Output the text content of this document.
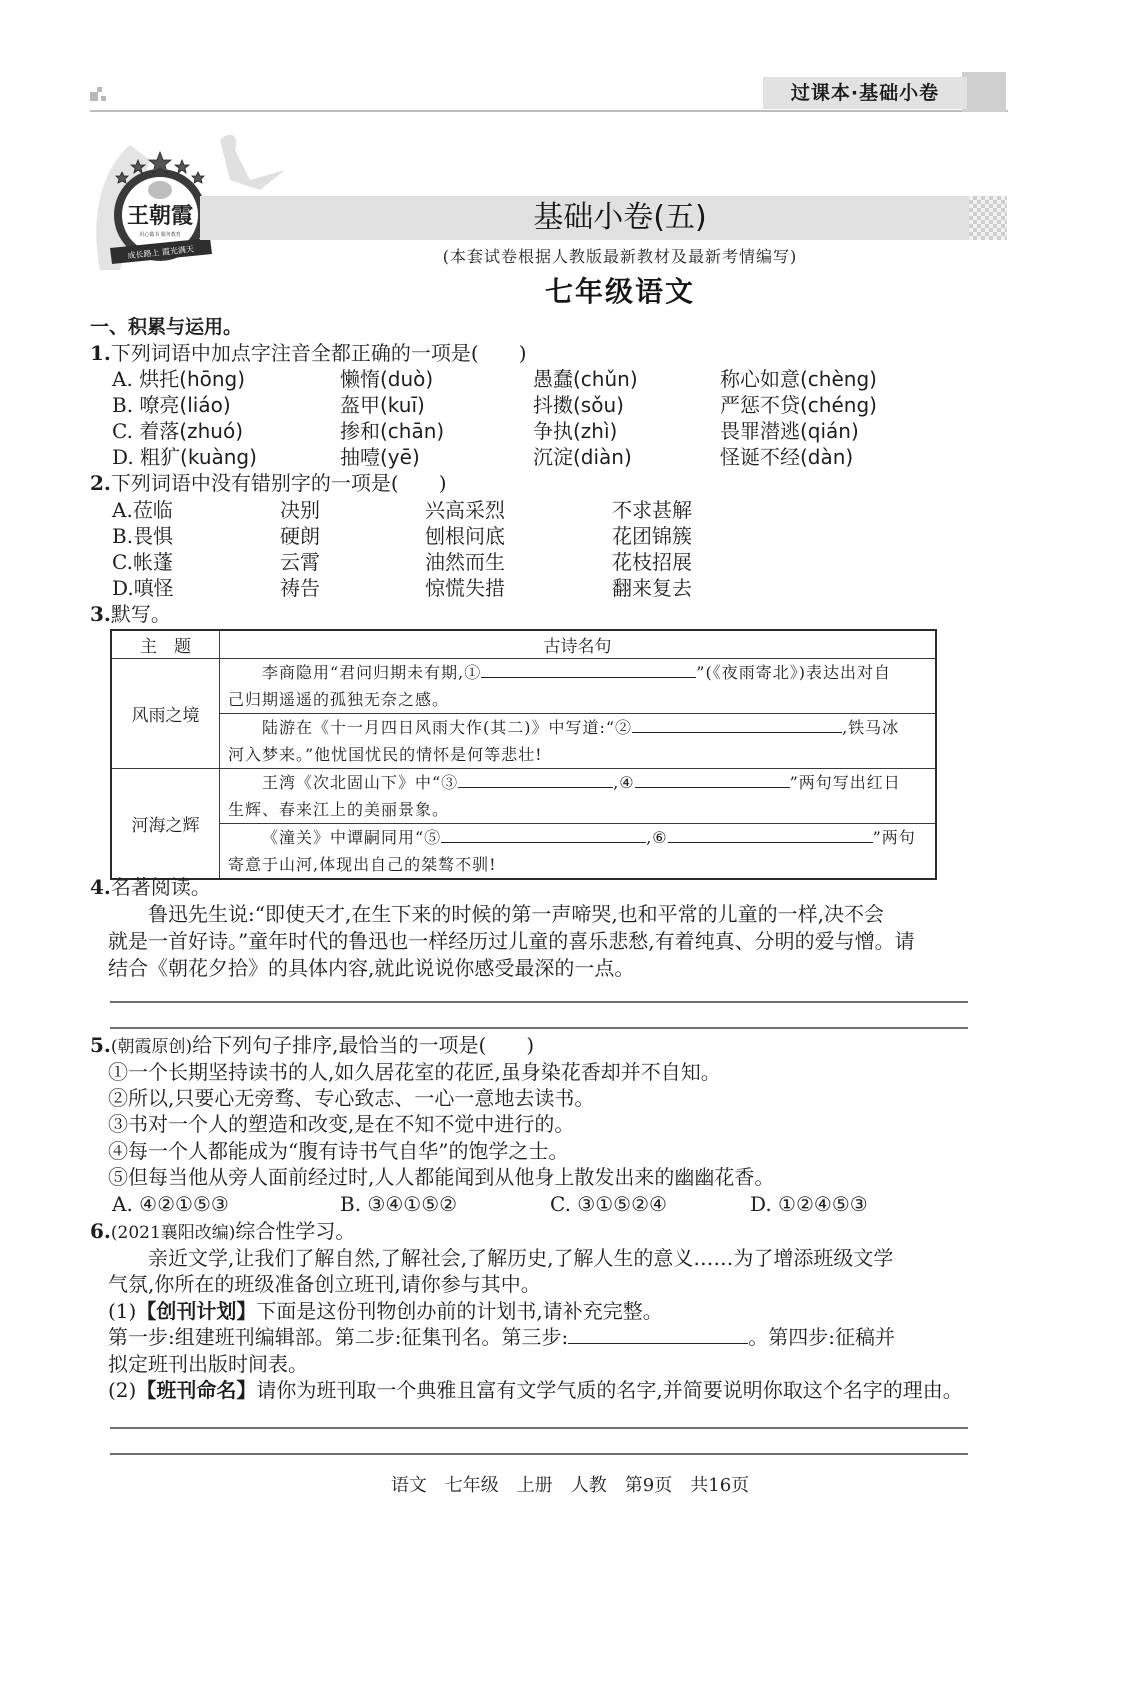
过课本·基础小卷
王朝霞
用心做书 服务教育
成长路上 霞光满天
基础小卷(五)
(本套试卷根据人教版最新教材及最新考情编写)
七年级语文
一、积累与运用。
1.下列词语中加点字注音全都正确的一项是(　　)
A. 烘托(hōng)	懒惰(duò)	愚蠢(chǔn)	称心如意(chèng)
B. 嘹亮(liáo)	盔甲(kuī)	抖擞(sǒu)	严惩不贷(chéng)
C. 着落(zhuó)	掺和(chān)	争执(zhì)	畏罪潜逃(qián)
D. 粗犷(kuàng)	抽噎(yē)	沉淀(diàn)	怪诞不经(dàn)
2.下列词语中没有错别字的一项是(　　)
A.莅临	决别	兴高采烈	不求甚解
B.畏惧	硬朗	刨根问底	花团锦簇
C.帐蓬	云霄	油然而生	花枝招展
D.嗔怪	祷告	惊慌失措	翻来复去
3.默写。
主　题	古诗名句
风雨之境	李商隐用“君问归期未有期,① ”(《夜雨寄北》)表达出对自
己归期遥遥的孤独无奈之感。
	陆游在《十一月四日风雨大作(其二)》中写道:“② ,铁马冰
河入梦来。”他忧国忧民的情怀是何等悲壮!
河海之辉	王湾《次北固山下》中“③ ,④ ”两句写出红日
生辉、春来江上的美丽景象。
	《潼关》中谭嗣同用“⑤ ,⑥ ”两句
寄意于山河,体现出自己的桀骜不驯!
4.名著阅读。
鲁迅先生说:“即使天才,在生下来的时候的第一声啼哭,也和平常的儿童的一样,决不会
就是一首好诗。”童年时代的鲁迅也一样经历过儿童的喜乐悲愁,有着纯真、分明的爱与憎。请
结合《朝花夕拾》的具体内容,就此说说你感受最深的一点。
5.(朝霞原创)给下列句子排序,最恰当的一项是(　　)
①一个长期坚持读书的人,如久居花室的花匠,虽身染花香却并不自知。
②所以,只要心无旁骛、专心致志、一心一意地去读书。
③书对一个人的塑造和改变,是在不知不觉中进行的。
④每一个人都能成为“腹有诗书气自华”的饱学之士。
⑤但每当他从旁人面前经过时,人人都能闻到从他身上散发出来的幽幽花香。
A. ④②①⑤③	B. ③④①⑤②	C. ③①⑤②④	D. ①②④⑤③
6.(2021襄阳改编)综合性学习。
亲近文学,让我们了解自然,了解社会,了解历史,了解人生的意义……为了增添班级文学
气氛,你所在的班级准备创立班刊,请你参与其中。
(1)【创刊计划】下面是这份刊物创办前的计划书,请补充完整。
第一步:组建班刊编辑部。第二步:征集刊名。第三步:	。第四步:征稿并
拟定班刊出版时间表。
(2)【班刊命名】请你为班刊取一个典雅且富有文学气质的名字,并简要说明你取这个名字的理由。
语文　七年级　上册　人教　第9页　共16页
